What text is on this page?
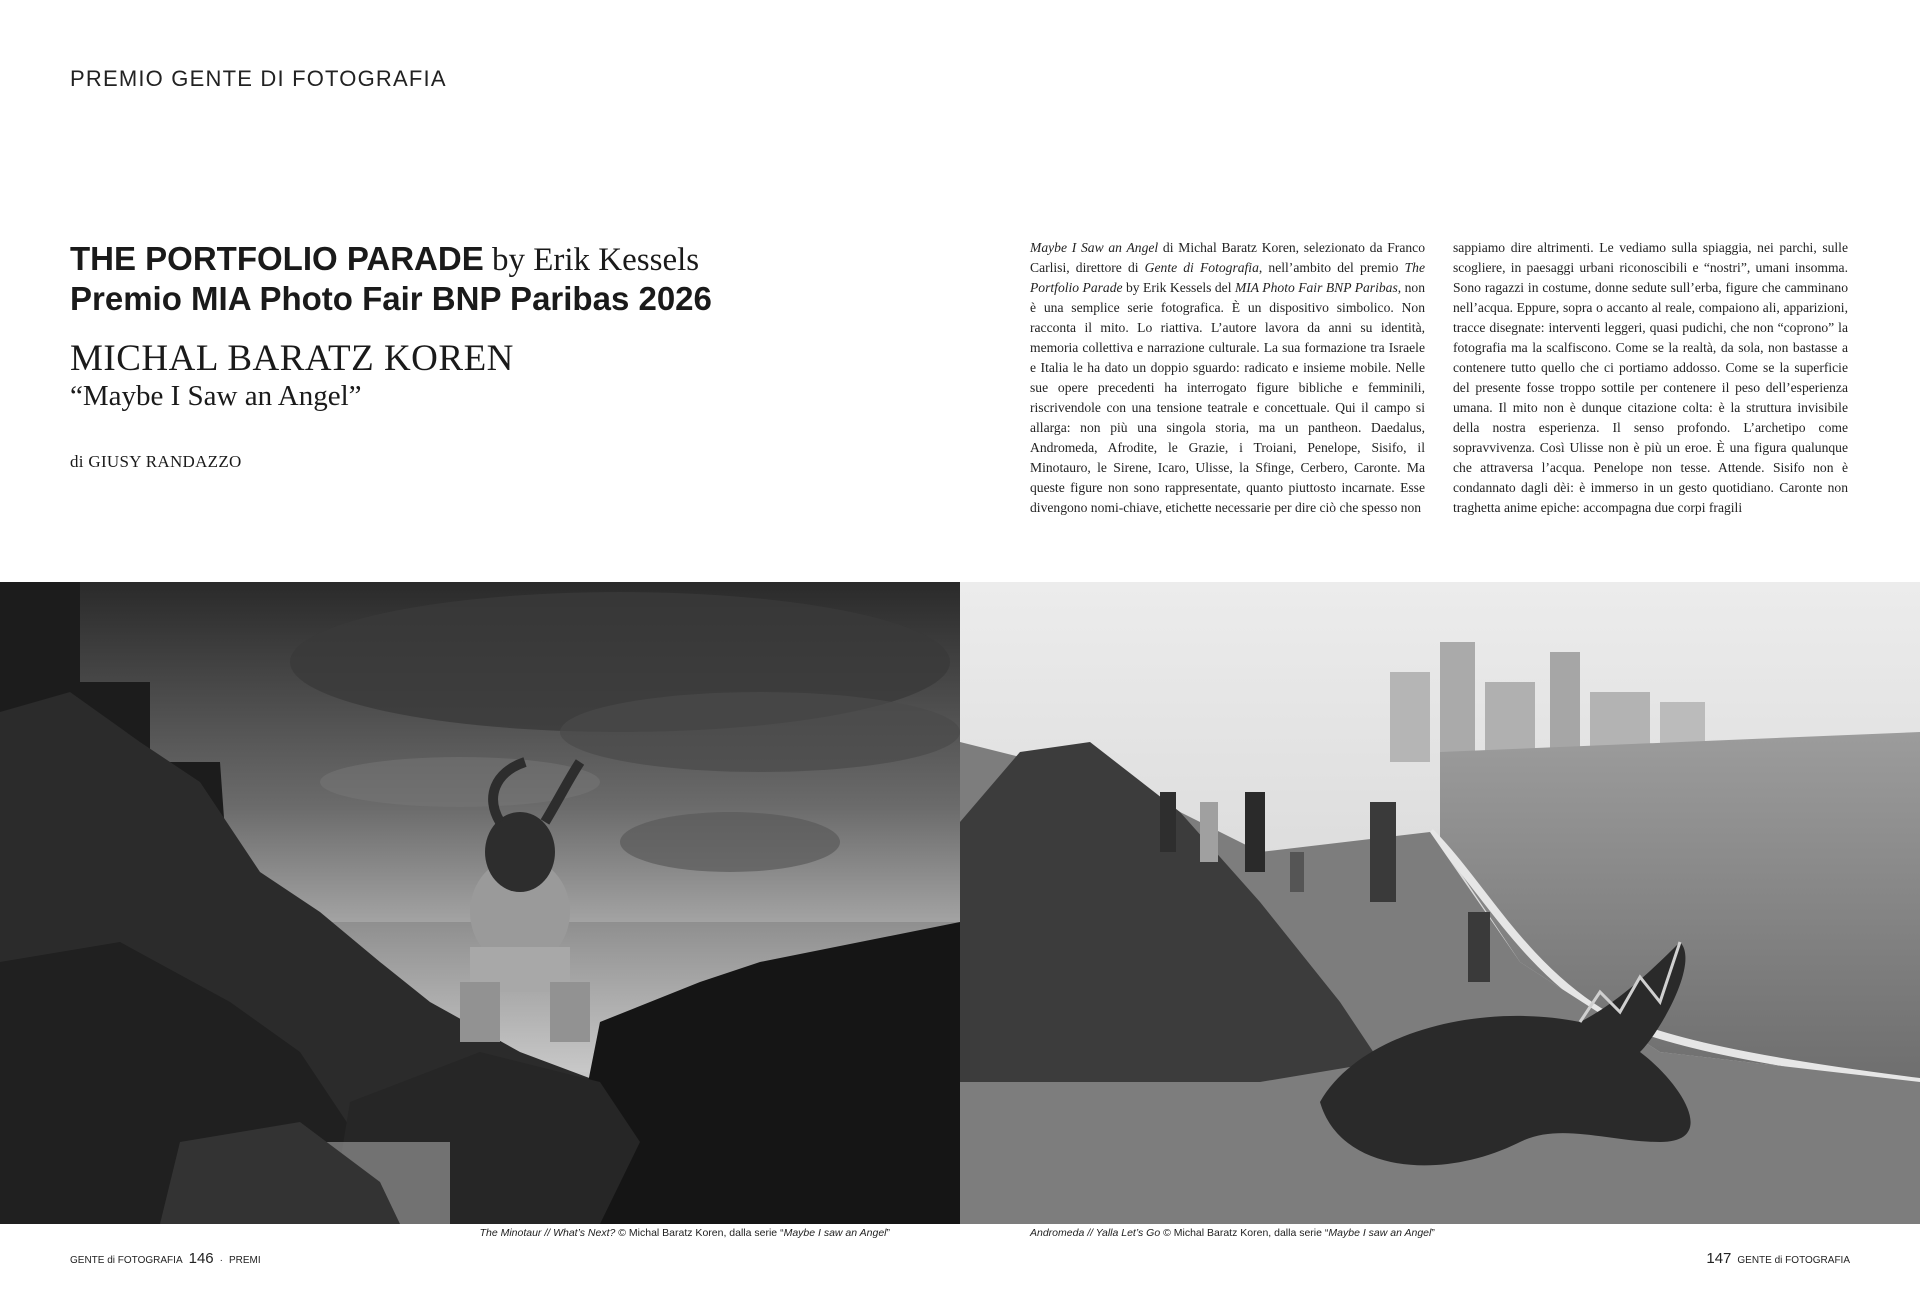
PREMIO GENTE DI FOTOGRAFIA
THE PORTFOLIO PARADE by Erik Kessels
Premio MIA Photo Fair BNP Paribas 2026
MICHAL BARATZ KOREN
“Maybe I Saw an Angel”
di GIUSY RANDAZZO
Maybe I Saw an Angel di Michal Baratz Koren, selezionato da Franco Carlisi, direttore di Gente di Fotografia, nell’ambito del premio The Portfolio Parade by Erik Kessels del MIA Photo Fair BNP Paribas, non è una semplice serie fotografica. È un dispositivo simbolico. Non racconta il mito. Lo riattiva. L’autore lavora da anni su identità, memoria collettiva e narrazione culturale. La sua formazione tra Israele e Italia le ha dato un doppio sguardo: radicato e insieme mobile. Nelle sue opere precedenti ha interrogato figure bibliche e femminili, riscrivendole con una tensione teatrale e concettuale. Qui il campo si allarga: non più una singola storia, ma un pantheon. Daedalus, Andromeda, Afrodite, le Grazie, i Troiani, Penelope, Sisifo, il Minotauro, le Sirene, Icaro, Ulisse, la Sfinge, Cerbero, Caronte. Ma queste figure non sono rappresentate, quanto piuttosto incarnate. Esse divengono nomi-chiave, etichette necessarie per dire ciò che spesso non
sappiamo dire altrimenti. Le vediamo sulla spiaggia, nei parchi, sulle scogliere, in paesaggi urbani riconoscibili e “nostri”, umani insomma. Sono ragazzi in costume, donne sedute sull’erba, figure che camminano nell’acqua. Eppure, sopra o accanto al reale, compaiono ali, apparizioni, tracce disegnate: interventi leggeri, quasi pudichi, che non “coprono” la fotografia ma la scalfiscono. Come se la realtà, da sola, non bastasse a contenere tutto quello che ci portiamo addosso. Come se la superficie del presente fosse troppo sottile per contenere il peso dell’esperienza umana. Il mito non è dunque citazione colta: è la struttura invisibile della nostra esperienza. Il senso profondo. L’archetipo come sopravvivenza. Così Ulisse non è più un eroe. È una figura qualunque che attraversa l’acqua. Penelope non tesse. Attende. Sisifo non è condannato dagli dèi: è immerso in un gesto quotidiano. Caronte non traghetta anime epiche: accompagna due corpi fragili
The Minotaur // What’s Next? © Michal Baratz Koren, dalla serie “Maybe I saw an Angel”	Andromeda // Yalla Let’s Go © Michal Baratz Koren, dalla serie “Maybe I saw an Angel”
GENTE di FOTOGRAFIA 146 · PREMI	147 GENTE di FOTOGRAFIA
